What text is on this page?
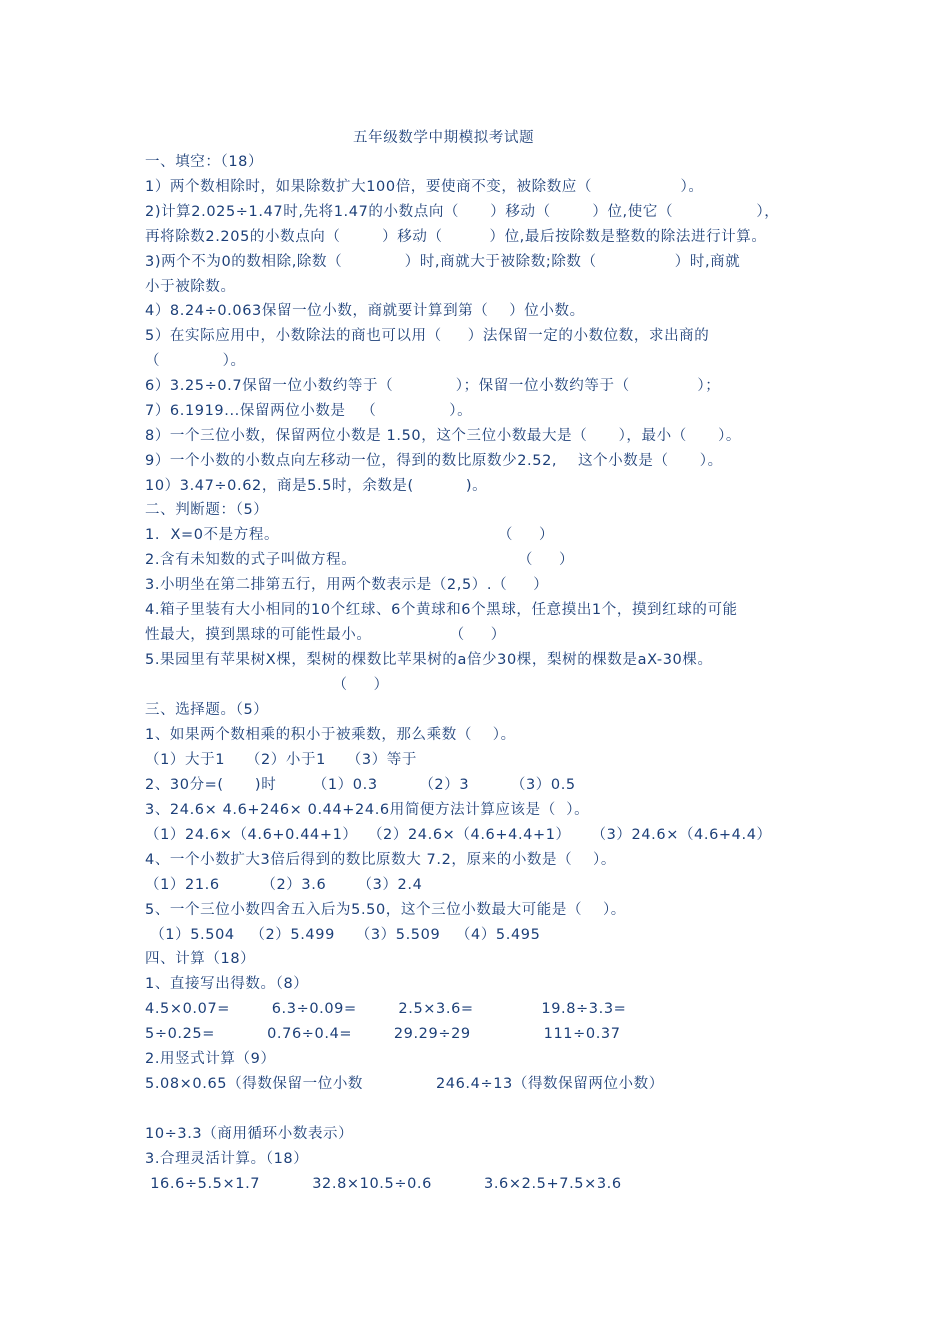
五年级数学中期模拟考试题
一、填空：（18）
1）两个数相除时，如果除数扩大100倍，要使商不变，被除数应（                 ）。
2)计算2.025÷1.47时,先将1.47的小数点向（      ）移动（        ）位,使它（                ），
再将除数2.205的小数点向（        ）移动（         ）位,最后按除数是整数的除法进行计算。
3)两个不为0的数相除,除数（            ）时,商就大于被除数;除数（               ）时,商就
小于被除数。
4）8.24÷0.063保留一位小数，商就要计算到第（    ）位小数。
5）在实际应用中，小数除法的商也可以用（     ）法保留一定的小数位数，求出商的
（            ）。
6）3.25÷0.7保留一位小数约等于（            ）；保留一位小数约等于（             ）；
7）6.1919...保留两位小数是   （              ）。
8）一个三位小数，保留两位小数是 1.50，这个三位小数最大是（      ），最小（      ）。
9）一个小数的小数点向左移动一位，得到的数比原数少2.52,    这个小数是（      ）。
10）3.47÷0.62，商是5.5时，余数是(          )。
二、判断题：（5）
1.  X=0不是方程。                                          （     ）
2.含有未知数的式子叫做方程。                               （     ）
3.小明坐在第二排第五行，用两个数表示是（2,5）.（     ）
4.箱子里装有大小相同的10个红球、6个黄球和6个黑球，任意摸出1个，摸到红球的可能
性最大，摸到黑球的可能性最小。               （     ）
5.果园里有苹果树X棵，梨树的棵数比苹果树的a倍少30棵，梨树的棵数是aX-30棵。
（     ）
三、选择题。（5）
1、如果两个数相乘的积小于被乘数，那么乘数（    ）。
（1）大于1    （2）小于1    （3）等于
2、30分=(      )时       （1）0.3        （2）3        （3）0.5
3、24.6× 4.6+246× 0.44+24.6用简便方法计算应该是（  ）。
（1）24.6×（4.6+0.44+1）  （2）24.6×（4.6+4.4+1）    （3）24.6×（4.6+4.4）
4、一个小数扩大3倍后得到的数比原数大 7.2，原来的小数是（    ）。
（1）21.6        （2）3.6      （3）2.4
5、一个三位小数四舍五入后为5.50，这个三位小数最大可能是（    ）。
（1）5.504   （2）5.499    （3）5.509   （4）5.495
四、计算（18）
1、直接写出得数。（8）
4.5×0.07=        6.3÷0.09=        2.5×3.6=             19.8÷3.3=
5÷0.25=          0.76÷0.4=        29.29÷29              111÷0.37
2.用竖式计算（9）
5.08×0.65（得数保留一位小数              246.4÷13（得数保留两位小数）
10÷3.3（商用循环小数表示）
3.合理灵活计算。（18）
16.6÷5.5×1.7          32.8×10.5÷0.6          3.6×2.5+7.5×3.6
